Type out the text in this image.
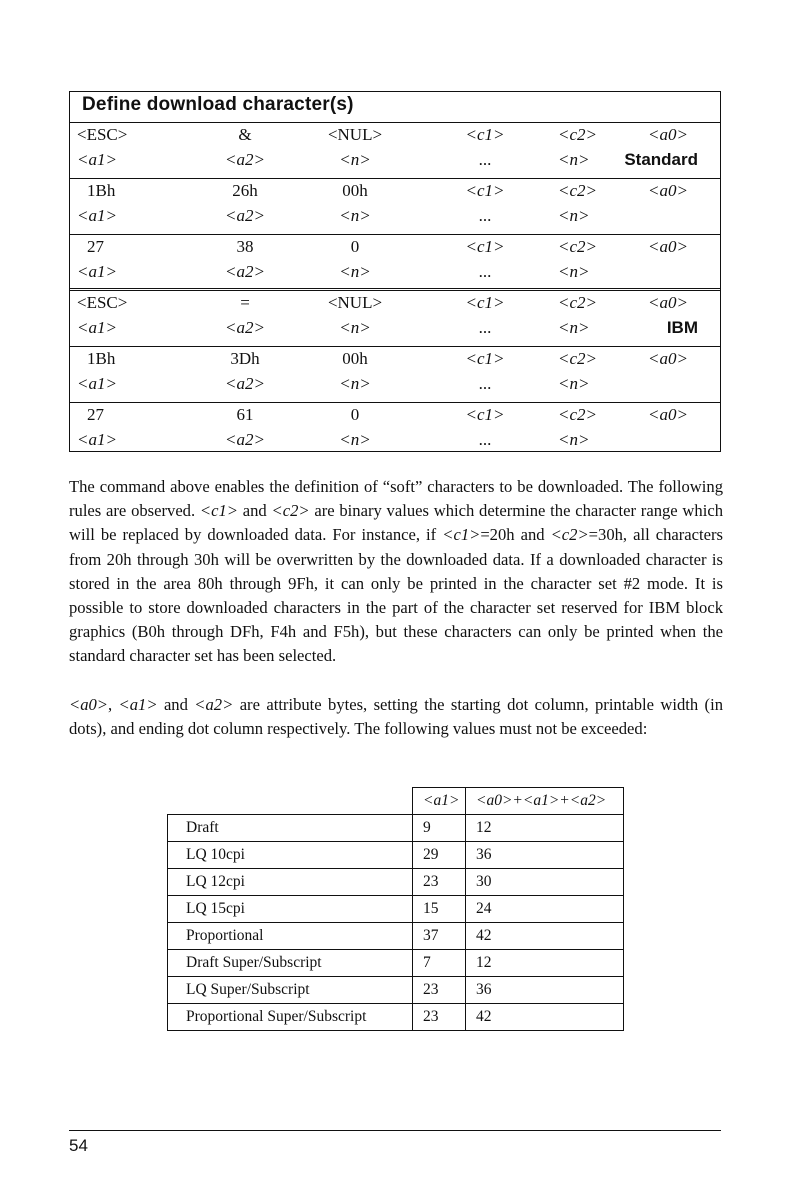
Define download character(s)
<ESC>	&	<NUL>	<c1>	<c2>	<a0>
<a1>	<a2>	<n>	...	<n> Standard
1Bh	26h	00h	<c1>	<c2>	<a0>
<a1>	<a2>	<n>	...	<n>
27	38	0	<c1>	<c2>	<a0>
<a1>	<a2>	<n>	...	<n>
<ESC>	=	<NUL>	<c1>	<c2>	<a0>
<a1>	<a2>	<n>	...	<n>	IBM
1Bh	3Dh	00h	<c1>	<c2>	<a0>
<a1>	<a2>	<n>	...	<n>
27	61	0	<c1>	<c2>	<a0>
<a1>	<a2>	<n>	...	<n>

The command above enables the definition of “soft” characters to be downloaded. The following rules are observed. <c1> and <c2> are binary values which determine the character range which will be replaced by downloaded data. For instance, if <c1>=20h and <c2>=30h, all characters from 20h through 30h will be overwritten by the downloaded data. If a downloaded character is stored in the area 80h through 9Fh, it can only be printed in the character set #2 mode. It is possible to store downloaded characters in the part of the character set reserved for IBM block graphics (B0h through DFh, F4h and F5h), but these characters can only be printed when the standard character set has been selected.

<a0>, <a1> and <a2> are attribute bytes, setting the starting dot column, printable width (in dots), and ending dot column respectively. The following values must not be exceeded:

	<a1>	<a0>+<a1>+<a2>
Draft	9	12
LQ 10cpi	29	36
LQ 12cpi	23	30
LQ 15cpi	15	24
Proportional	37	42
Draft Super/Subscript	7	12
LQ Super/Subscript	23	36
Proportional Super/Subscript	23	42
54
